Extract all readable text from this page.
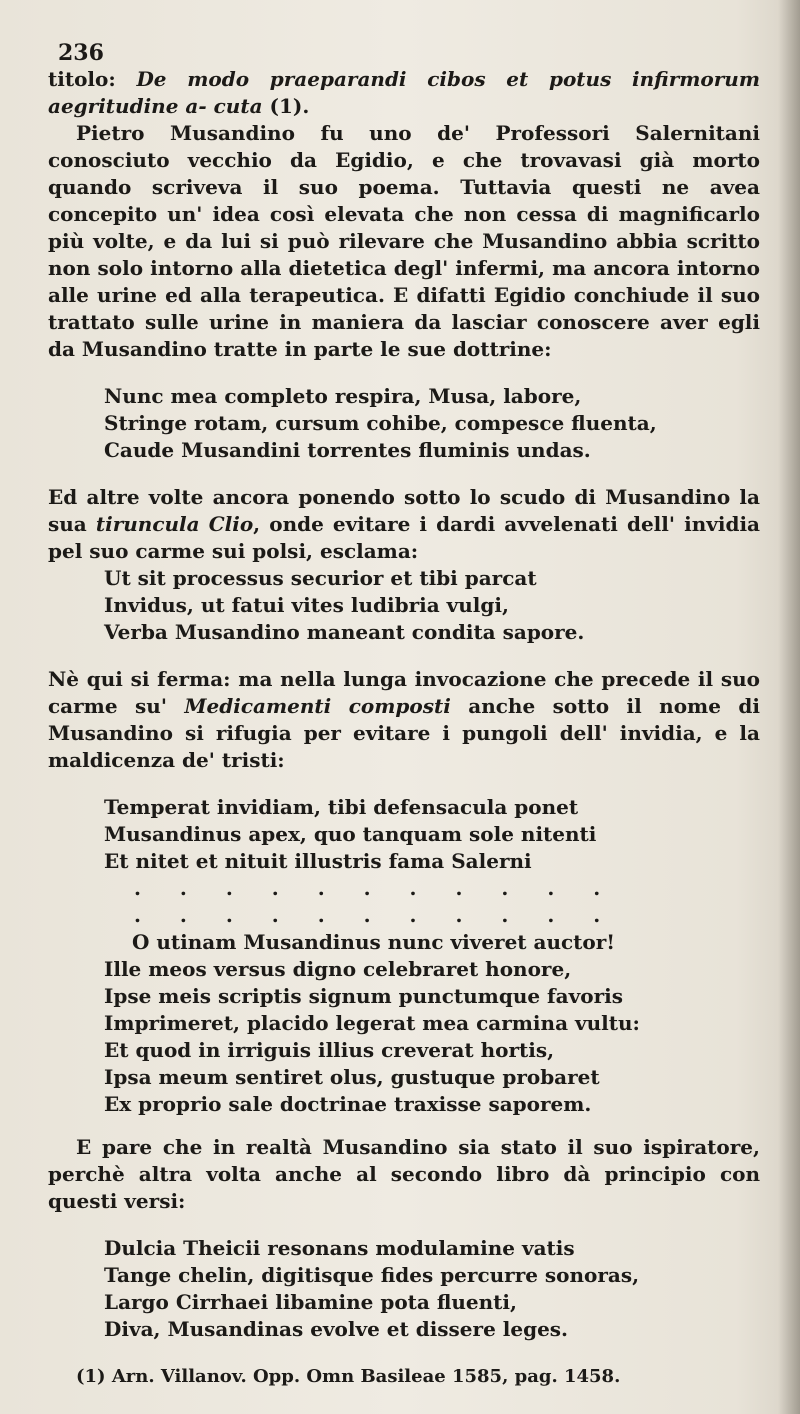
236

titolo: De modo praeparandi cibos et potus infirmorum aegritudine a- cuta (1).

Pietro Musandino fu uno de' Professori Salernitani conosciuto vecchio da Egidio, e che trovavasi già morto quando scriveva il suo poema. Tuttavia questi ne avea concepito un' idea così elevata che non cessa di magnificarlo più volte, e da lui si può rilevare che Musandino abbia scritto non solo intorno alla dietetica degl' infermi, ma ancora intorno alle urine ed alla terapeutica. E difatti Egidio conchiude il suo trattato sulle urine in maniera da lasciar conoscere aver egli da Musandino tratte in parte le sue dottrine:

Nunc mea completo respira, Musa, labore,
Stringe rotam, cursum cohibe, compesce fluenta,
Caude Musandini torrentes fluminis undas.

Ed altre volte ancora ponendo sotto lo scudo di Musandino la sua tiruncula Clio, onde evitare i dardi avvelenati dell' invidia pel suo carme sui polsi, esclama:

Ut sit processus securior et tibi parcat
Invidus, ut fatui vites ludibria vulgi,
Verba Musandino maneant condita sapore.

Nè qui si ferma: ma nella lunga invocazione che precede il suo carme su' Medicamenti composti anche sotto il nome di Musandino si rifugia per evitare i pungoli dell' invidia, e la maldicenza de' tristi:

Temperat invidiam, tibi defensacula ponet
Musandinus apex, quo tanquam sole nitenti
Et nitet et nituit illustris fama Salerni
. . . . . . . . . . .
. . . . . . . . . . .
O utinam Musandinus nunc viveret auctor!
Ille meos versus digno celebraret honore,
Ipse meis scriptis signum punctumque favoris
Imprimeret, placido legerat mea carmina vultu:
Et quod in irriguis illius creverat hortis,
Ipsa meum sentiret olus, gustuque probaret
Ex proprio sale doctrinae traxisse saporem.

E pare che in realtà Musandino sia stato il suo ispiratore, perchè altra volta anche al secondo libro dà principio con questi versi:

Dulcia Theicii resonans modulamine vatis
Tange chelin, digitisque fides percurre sonoras,
Largo Cirrhaei libamine pota fluenti,
Diva, Musandinas evolve et dissere leges.
(1) Arn. Villanov. Opp. Omn Basileae 1585, pag. 1458.
